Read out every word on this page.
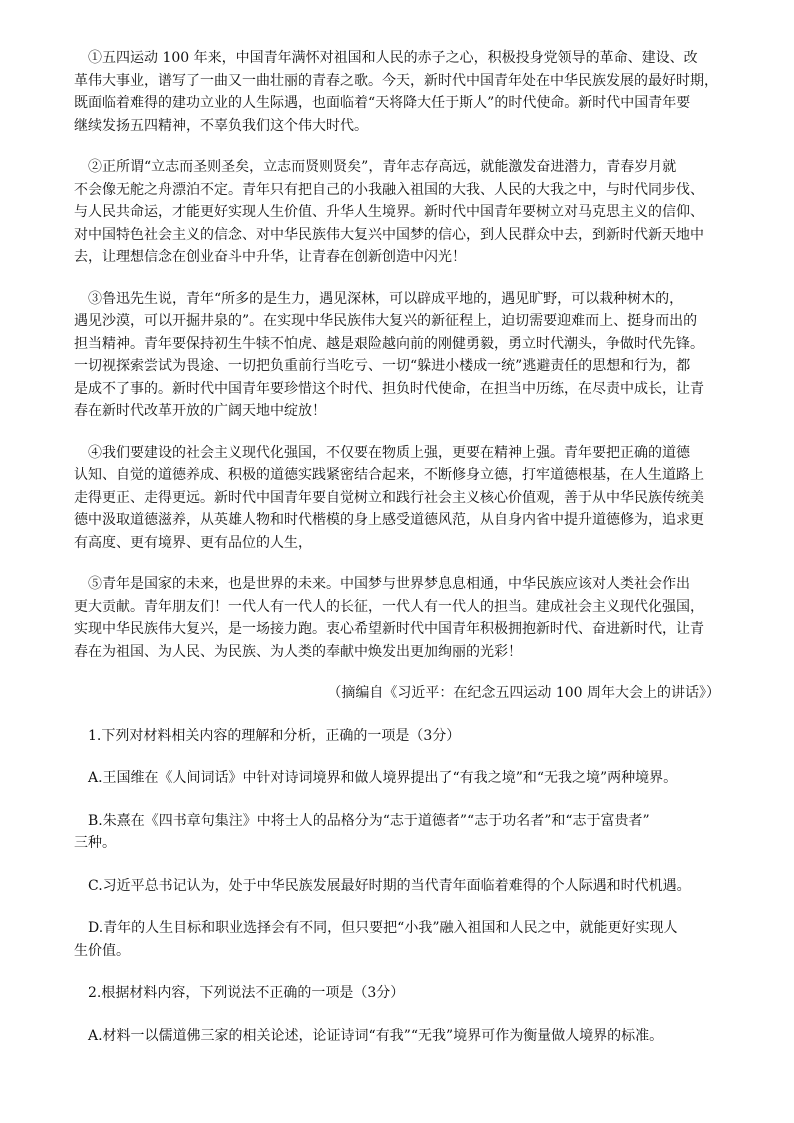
①五四运动 100 年来，中国青年满怀对祖国和人民的赤子之心，积极投身党领导的革命、建设、改
革伟大事业，谱写了一曲又一曲壮丽的青春之歌。今天，新时代中国青年处在中华民族发展的最好时期，
既面临着难得的建功立业的人生际遇，也面临着“天将降大任于斯人”的时代使命。新时代中国青年要
继续发扬五四精神，不辜负我们这个伟大时代。

②正所谓“立志而圣则圣矣，立志而贤则贤矣”，青年志存高远，就能激发奋进潜力，青春岁月就
不会像无舵之舟漂泊不定。青年只有把自己的小我融入祖国的大我、人民的大我之中，与时代同步伐、
与人民共命运，才能更好实现人生价值、升华人生境界。新时代中国青年要树立对马克思主义的信仰、
对中国特色社会主义的信念、对中华民族伟大复兴中国梦的信心，到人民群众中去，到新时代新天地中
去，让理想信念在创业奋斗中升华，让青春在创新创造中闪光！

③鲁迅先生说，青年“所多的是生力，遇见深林，可以辟成平地的，遇见旷野，可以栽种树木的，
遇见沙漠，可以开掘井泉的”。在实现中华民族伟大复兴的新征程上，迫切需要迎难而上、挺身而出的
担当精神。青年要保持初生牛犊不怕虎、越是艰险越向前的刚健勇毅，勇立时代潮头，争做时代先锋。
一切视探索尝试为畏途、一切把负重前行当吃亏、一切“躲进小楼成一统”逃避责任的思想和行为，都
是成不了事的。新时代中国青年要珍惜这个时代、担负时代使命，在担当中历练，在尽责中成长，让青
春在新时代改革开放的广阔天地中绽放！

④我们要建设的社会主义现代化强国，不仅要在物质上强，更要在精神上强。青年要把正确的道德
认知、自觉的道德养成、积极的道德实践紧密结合起来，不断修身立德，打牢道德根基，在人生道路上
走得更正、走得更远。新时代中国青年要自觉树立和践行社会主义核心价值观，善于从中华民族传统美
德中汲取道德滋养，从英雄人物和时代楷模的身上感受道德风范，从自身内省中提升道德修为，追求更
有高度、更有境界、更有品位的人生，

⑤青年是国家的未来，也是世界的未来。中国梦与世界梦息息相通，中华民族应该对人类社会作出
更大贡献。青年朋友们！一代人有一代人的长征，一代人有一代人的担当。建成社会主义现代化强国，
实现中华民族伟大复兴，是一场接力跑。衷心希望新时代中国青年积极拥抱新时代、奋进新时代，让青
春在为祖国、为人民、为民族、为人类的奉献中焕发出更加绚丽的光彩！

（摘编自《习近平：在纪念五四运动 100 周年大会上的讲话》）

1.下列对材料相关内容的理解和分析，正确的一项是（3分）

A.王国维在《人间词话》中针对诗词境界和做人境界提出了“有我之境”和“无我之境”两种境界。

B.朱熹在《四书章句集注》中将士人的品格分为“志于道德者”“志于功名者”和“志于富贵者”
三种。

C.习近平总书记认为，处于中华民族发展最好时期的当代青年面临着难得的个人际遇和时代机遇。

D.青年的人生目标和职业选择会有不同，但只要把“小我”融入祖国和人民之中，就能更好实现人
生价值。

2.根据材料内容，下列说法不正确的一项是（3分）

A.材料一以儒道佛三家的相关论述，论证诗词“有我”“无我”境界可作为衡量做人境界的标准。
